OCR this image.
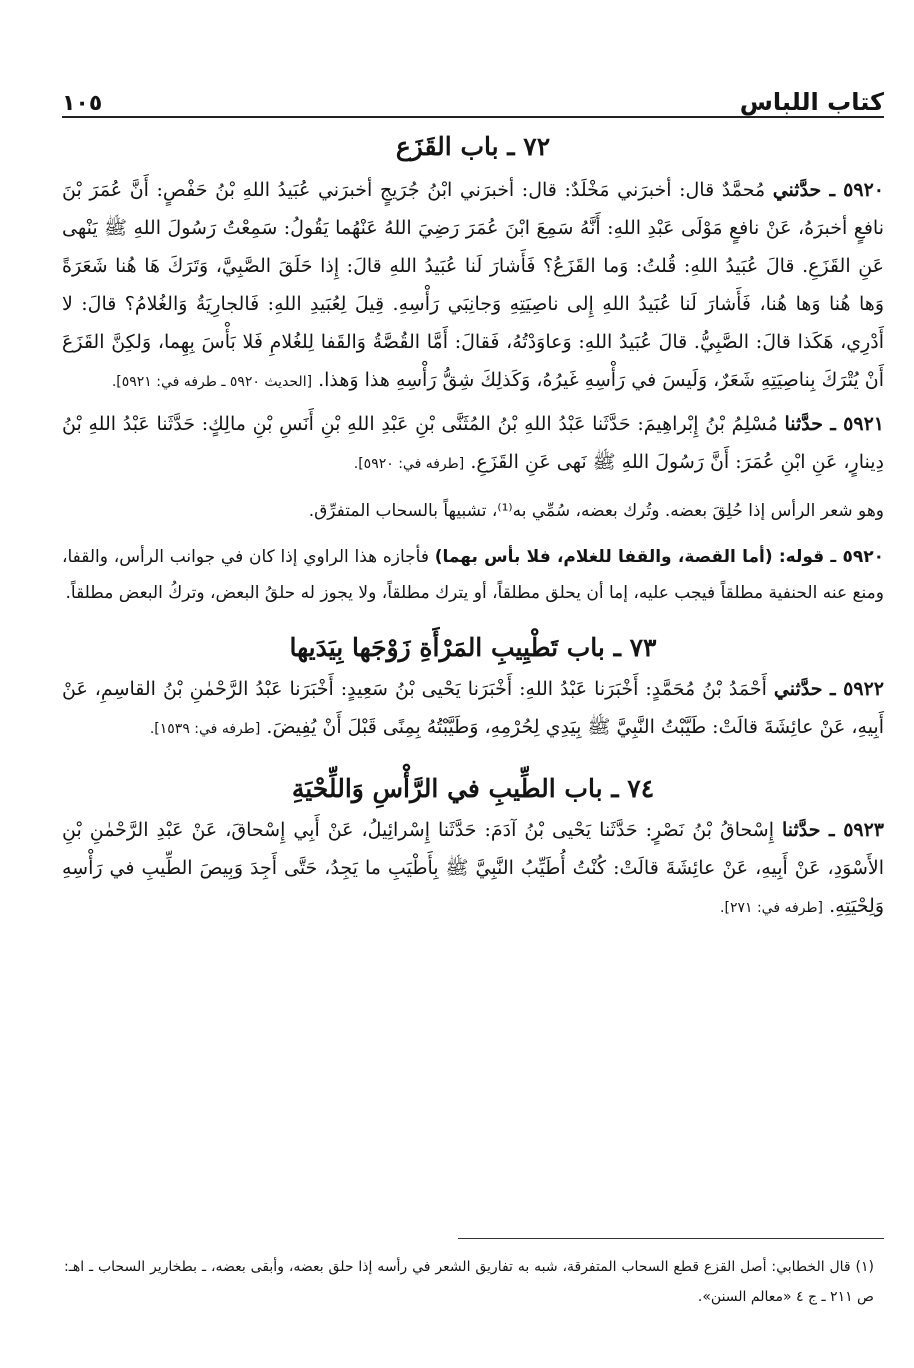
كتاب اللباس
١٠٥
٧٢ ـ باب القَزَع

٥٩٢٠ ـ حدَّثني مُحمَّدٌ قال: أخبرَني مَخْلَدٌ: قال: أخبرَني ابْنُ جُرَيجٍ أخبرَني عُبَيدُ اللهِ بْنُ حَفْصٍ: أَنَّ عُمَرَ بْنَ نافعٍ أخبرَهُ، عَنْ نافعٍ مَوْلَى عَبْدِ اللهِ: أَنَّهُ سَمِعَ ابْنَ عُمَرَ رَضِيَ اللهُ عَنْهُما يَقُولُ: سَمِعْتُ رَسُولَ اللهِ ﷺ يَنْهى عَنِ القَزَعِ. قالَ عُبَيدُ اللهِ: قُلتُ: وَما القَزَعُ؟ فَأَشارَ لَنا عُبَيدُ اللهِ قالَ: إِذا حَلَقَ الصَّبِيَّ، وَتَرَكَ هَا هُنا شَعَرَةً وَها هُنا وَها هُنا، فَأَشارَ لَنا عُبَيدُ اللهِ إِلى ناصِيَتِهِ وَجانِبَي رَأْسِهِ. قِيلَ لِعُبَيدِ اللهِ: فَالجارِيَةُ وَالغُلامُ؟ قالَ: لا أَدْرِي، هَكَذا قالَ: الصَّبِيُّ. قالَ عُبَيدُ اللهِ: وَعاوَدْتُهُ، فَقالَ: أَمَّا القُصَّةُ وَالقَفا لِلغُلامِ فَلا بَأْسَ بِهِما، وَلكِنَّ القَزَعَ أَنْ يُتْرَكَ بِناصِيَتِهِ شَعَرٌ، وَلَيسَ في رَأْسِهِ غَيرُهُ، وَكَذلِكَ شِقُّ رَأْسِهِ هذا وَهذا. [الحديث ٥٩٢٠ ـ طرفه في: ٥٩٢١].

٥٩٢١ ـ حدَّثنا مُسْلِمُ بْنُ إِبْراهِيمَ: حَدَّثَنا عَبْدُ اللهِ بْنُ المُثَنَّى بْنِ عَبْدِ اللهِ بْنِ أَنَسِ بْنِ مالِكٍ: حَدَّثَنا عَبْدُ اللهِ بْنُ دِينارٍ، عَنِ ابْنِ عُمَرَ: أَنَّ رَسُولَ اللهِ ﷺ نَهى عَنِ القَزَعِ. [طرفه في: ٥٩٢٠].

وهو شعر الرأس إذا حُلِقَ بعضه. وتُرك بعضه، سُمِّي به⁽¹⁾، تشبيهاً بالسحاب المتفرِّق.

٥٩٢٠ ـ قوله: (أما القصة، والقفا للغلام، فلا بأس بهما) فأجازه هذا الراوي إذا كان في جوانب الرأس، والقفا، ومنع عنه الحنفية مطلقاً فيجب عليه، إما أن يحلق مطلقاً، أو يترك مطلقاً، ولا يجوز له حلقُ البعض، وتركُ البعض مطلقاً.

٧٣ ـ باب تَطْيِيبِ المَرْأَةِ زَوْجَها بِيَدَيها

٥٩٢٢ ـ حدَّثني أَحْمَدُ بْنُ مُحَمَّدٍ: أَخْبَرَنا عَبْدُ اللهِ: أَخْبَرَنا يَحْيى بْنُ سَعِيدٍ: أَخْبَرَنا عَبْدُ الرَّحْمٰنِ بْنُ القاسِمِ، عَنْ أَبِيهِ، عَنْ عائِشَةَ قالَتْ: طَيَّبْتُ النَّبِيَّ ﷺ بِيَدِي لِحُرْمِهِ، وَطَيَّبْتُهُ بِمِنًى قَبْلَ أَنْ يُفِيضَ. [طرفه في: ١٥٣٩].

٧٤ ـ باب الطِّيبِ في الرَّأْسِ وَاللِّحْيَةِ

٥٩٢٣ ـ حدَّثنا إِسْحاقُ بْنُ نَصْرٍ: حَدَّثَنا يَحْيى بْنُ آدَمَ: حَدَّثَنا إِسْرائِيلُ، عَنْ أَبِي إِسْحاقَ، عَنْ عَبْدِ الرَّحْمٰنِ بْنِ الأَسْوَدِ، عَنْ أَبِيهِ، عَنْ عائِشَةَ قالَتْ: كُنْتُ أُطَيِّبُ النَّبِيَّ ﷺ بِأَطْيَبِ ما يَجِدُ، حَتَّى أَجِدَ وَبِيصَ الطِّيبِ في رَأْسِهِ وَلِحْيَتِهِ. [طرفه في: ٢٧١].

(١) قال الخطابي: أصل القزع قطع السحاب المتفرقة، شبه به تفاريق الشعر في رأسه إذا حلق بعضه، وأبقى بعضه، ـ بطخارير السحاب ـ اهـ: ص ٢١١ ـ ج ٤ «معالم السنن».
